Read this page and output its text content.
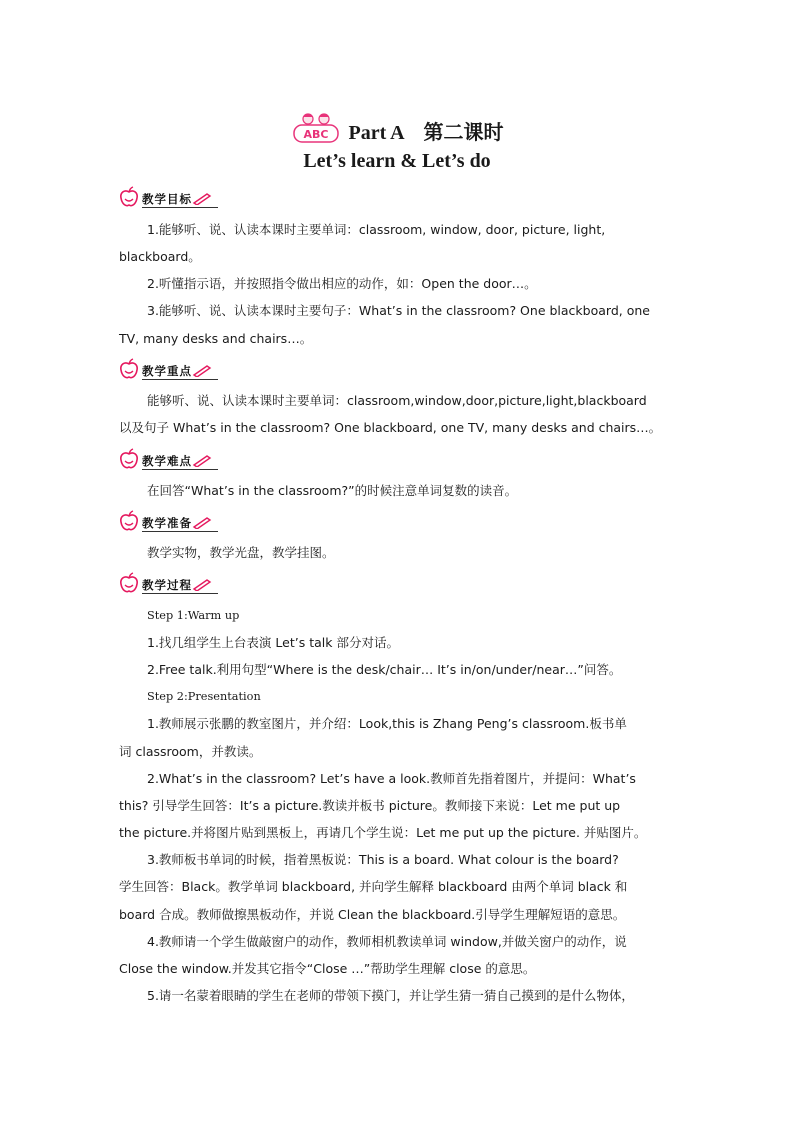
ABC Part A　第二课时
Let’s learn & Let’s do
教学目标
1.能够听、说、认读本课时主要单词：classroom, window, door, picture, light,
blackboard。
2.听懂指示语，并按照指令做出相应的动作，如：Open the door…。
3.能够听、说、认读本课时主要句子：What’s in the classroom? One blackboard, one
TV, many desks and chairs…。
教学重点
能够听、说、认读本课时主要单词：classroom,window,door,picture,light,blackboard
以及句子 What’s in the classroom? One blackboard, one TV, many desks and chairs…。
教学难点
在回答“What’s in the classroom?”的时候注意单词复数的读音。
教学准备
教学实物，教学光盘，教学挂图。
教学过程
Step 1:Warm up
1.找几组学生上台表演 Let’s talk 部分对话。
2.Free talk.利用句型“Where is the desk/chair… It’s in/on/under/near…”问答。
Step 2:Presentation
1.教师展示张鹏的教室图片，并介绍：Look,this is Zhang Peng’s classroom.板书单
词 classroom，并教读。
2.What’s in the classroom? Let’s have a look.教师首先指着图片，并提问：What’s
this? 引导学生回答：It’s a picture.教读并板书 picture。教师接下来说：Let me put up
the picture.并将图片贴到黑板上，再请几个学生说：Let me put up the picture. 并贴图片。
3.教师板书单词的时候，指着黑板说：This is a board. What colour is the board?
学生回答：Black。教学单词 blackboard, 并向学生解释 blackboard 由两个单词 black 和
board 合成。教师做擦黑板动作，并说 Clean the blackboard.引导学生理解短语的意思。
4.教师请一个学生做敲窗户的动作，教师相机教读单词 window,并做关窗户的动作，说
Close the window.并发其它指令“Close …”帮助学生理解 close 的意思。
5.请一名蒙着眼睛的学生在老师的带领下摸门，并让学生猜一猜自己摸到的是什么物体，
